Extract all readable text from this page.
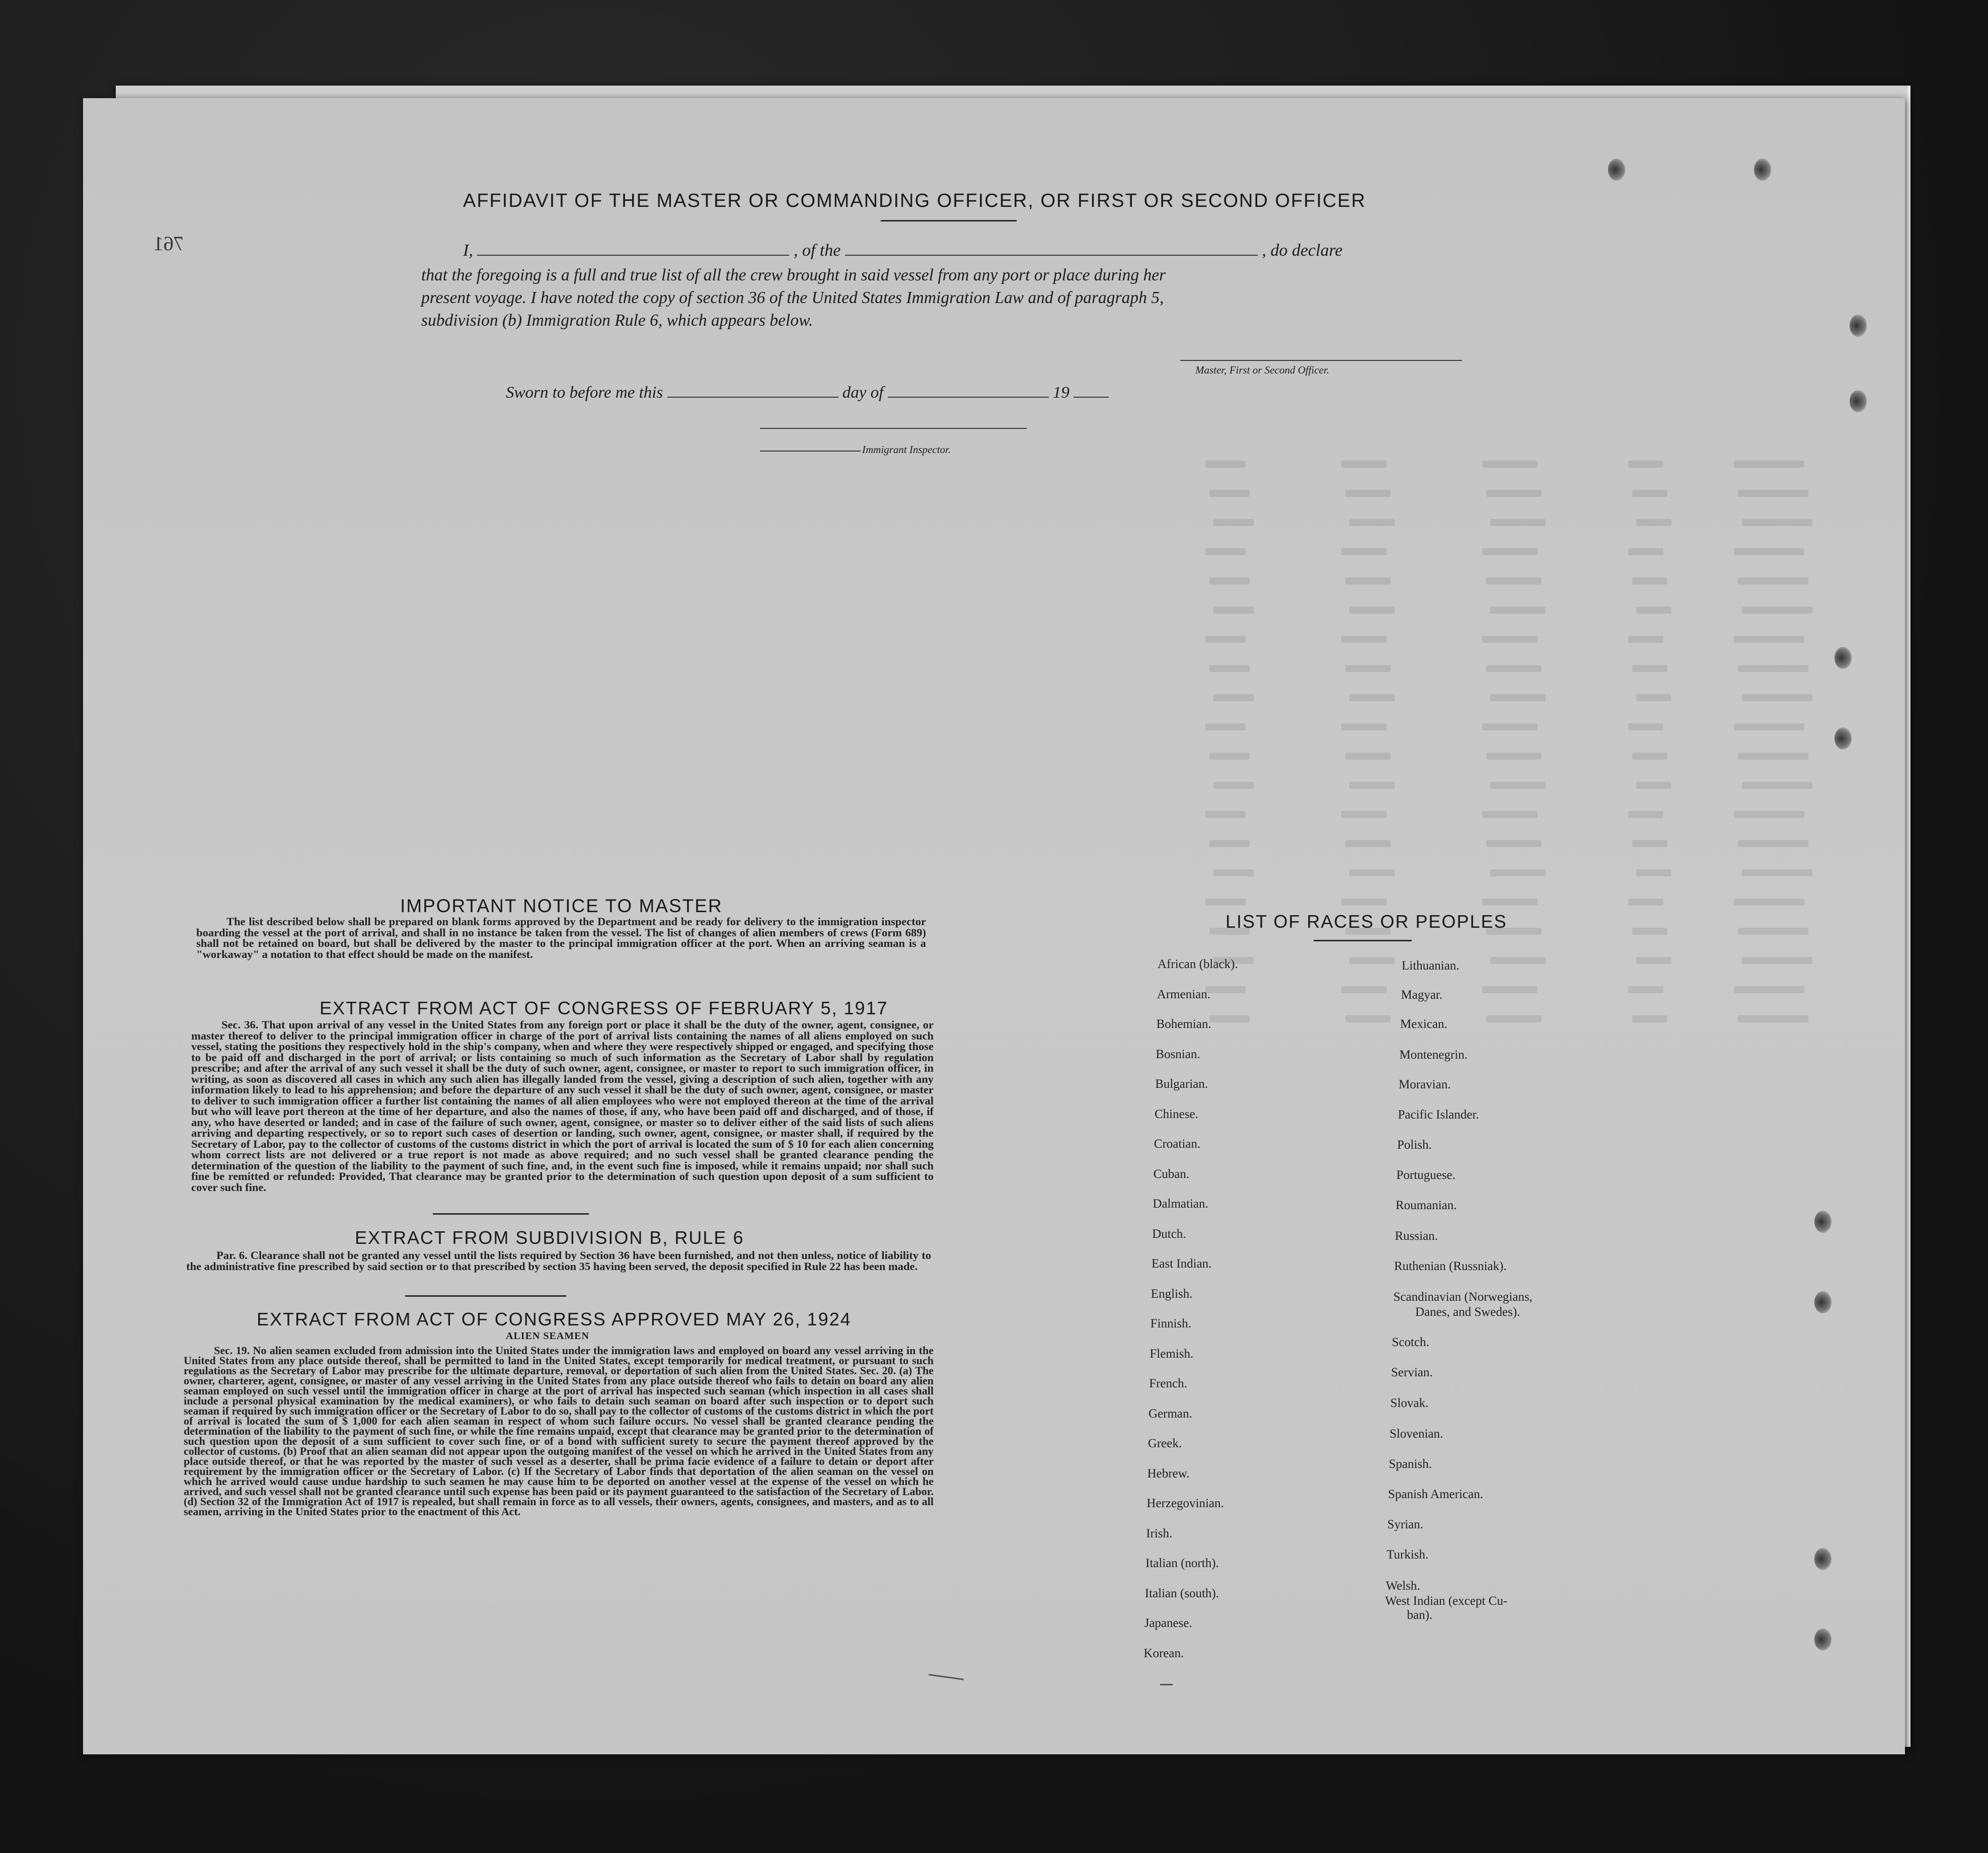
761
AFFIDAVIT OF THE MASTER OR COMMANDING OFFICER, OR FIRST OR SECOND OFFICER
I,	, of the	, do declare
that the foregoing is a full and true list of all the crew brought in said vessel from any port or place during her
present voyage. I have noted the copy of section 36 of the United States Immigration Law and of paragraph 5,
subdivision (b) Immigration Rule 6, which appears below.
Master, First or Second Officer.
Sworn to before me this	day of	19
Immigrant Inspector.
IMPORTANT NOTICE TO MASTER
The list described below shall be prepared on blank forms approved by the Department and be ready for delivery to the immigration inspector boarding the vessel at the port of arrival, and shall in no instance be taken from the vessel. The list of changes of alien members of crews (Form 689) shall not be retained on board, but shall be delivered by the master to the principal immigration officer at the port. When an arriving seaman is a "workaway" a notation to that effect should be made on the manifest.
EXTRACT FROM ACT OF CONGRESS OF FEBRUARY 5, 1917
Sec. 36. That upon arrival of any vessel in the United States from any foreign port or place it shall be the duty of the owner, agent, consignee, or master thereof to deliver to the principal immigration officer in charge of the port of arrival lists containing the names of all aliens employed on such vessel, stating the positions they respectively hold in the ship's company, when and where they were respectively shipped or engaged, and specifying those to be paid off and discharged in the port of arrival; or lists containing so much of such information as the Secretary of Labor shall by regulation prescribe; and after the arrival of any such vessel it shall be the duty of such owner, agent, consignee, or master to report to such immigration officer, in writing, as soon as discovered all cases in which any such alien has illegally landed from the vessel, giving a description of such alien, together with any information likely to lead to his apprehension; and before the departure of any such vessel it shall be the duty of such owner, agent, consignee, or master to deliver to such immigration officer a further list containing the names of all alien employees who were not employed thereon at the time of the arrival but who will leave port thereon at the time of her departure, and also the names of those, if any, who have been paid off and discharged, and of those, if any, who have deserted or landed; and in case of the failure of such owner, agent, consignee, or master so to deliver either of the said lists of such aliens arriving and departing respectively, or so to report such cases of desertion or landing, such owner, agent, consignee, or master shall, if required by the Secretary of Labor, pay to the collector of customs of the customs district in which the port of arrival is located the sum of $ 10 for each alien concerning whom correct lists are not delivered or a true report is not made as above required; and no such vessel shall be granted clearance pending the determination of the question of the liability to the payment of such fine, and, in the event such fine is imposed, while it remains unpaid; nor shall such fine be remitted or refunded: Provided, That clearance may be granted prior to the determination of such question upon deposit of a sum sufficient to cover such fine.
EXTRACT FROM SUBDIVISION B, RULE 6
Par. 6. Clearance shall not be granted any vessel until the lists required by Section 36 have been furnished, and not then unless, notice of liability to the administrative fine prescribed by said section or to that prescribed by section 35 having been served, the deposit specified in Rule 22 has been made.
EXTRACT FROM ACT OF CONGRESS APPROVED MAY 26, 1924
ALIEN SEAMEN
Sec. 19. No alien seamen excluded from admission into the United States under the immigration laws and employed on board any vessel arriving in the United States from any place outside thereof, shall be permitted to land in the United States, except temporarily for medical treatment, or pursuant to such regulations as the Secretary of Labor may prescribe for the ultimate departure, removal, or deportation of such alien from the United States. Sec. 20. (a) The owner, charterer, agent, consignee, or master of any vessel arriving in the United States from any place outside thereof who fails to detain on board any alien seaman employed on such vessel until the immigration officer in charge at the port of arrival has inspected such seaman (which inspection in all cases shall include a personal physical examination by the medical examiners), or who fails to detain such seaman on board after such inspection or to deport such seaman if required by such immigration officer or the Secretary of Labor to do so, shall pay to the collector of customs of the customs district in which the port of arrival is located the sum of $ 1,000 for each alien seaman in respect of whom such failure occurs. No vessel shall be granted clearance pending the determination of the liability to the payment of such fine, or while the fine remains unpaid, except that clearance may be granted prior to the determination of such question upon the deposit of a sum sufficient to cover such fine, or of a bond with sufficient surety to secure the payment thereof approved by the collector of customs. (b) Proof that an alien seaman did not appear upon the outgoing manifest of the vessel on which he arrived in the United States from any place outside thereof, or that he was reported by the master of such vessel as a deserter, shall be prima facie evidence of a failure to detain or deport after requirement by the immigration officer or the Secretary of Labor. (c) If the Secretary of Labor finds that deportation of the alien seaman on the vessel on which he arrived would cause undue hardship to such seamen he may cause him to be deported on another vessel at the expense of the vessel on which he arrived, and such vessel shall not be granted clearance until such expense has been paid or its payment guaranteed to the satisfaction of the Secretary of Labor. (d) Section 32 of the Immigration Act of 1917 is repealed, but shall remain in force as to all vessels, their owners, agents, consignees, and masters, and as to all seamen, arriving in the United States prior to the enactment of this Act.
LIST OF RACES OR PEOPLES
African (black).
Armenian.
Bohemian.
Bosnian.
Bulgarian.
Chinese.
Croatian.
Cuban.
Dalmatian.
Dutch.
East Indian.
English.
Finnish.
Flemish.
French.
German.
Greek.
Hebrew.
Herzegovinian.
Irish.
Italian (north).
Italian (south).
Japanese.
Korean.
Lithuanian.
Magyar.
Mexican.
Montenegrin.
Moravian.
Pacific Islander.
Polish.
Portuguese.
Roumanian.
Russian.
Ruthenian (Russniak).
Scandinavian (Norwegians,
Danes, and Swedes).
Scotch.
Servian.
Slovak.
Slovenian.
Spanish.
Spanish American.
Syrian.
Turkish.
Welsh.
West Indian (except Cu-
ban).
